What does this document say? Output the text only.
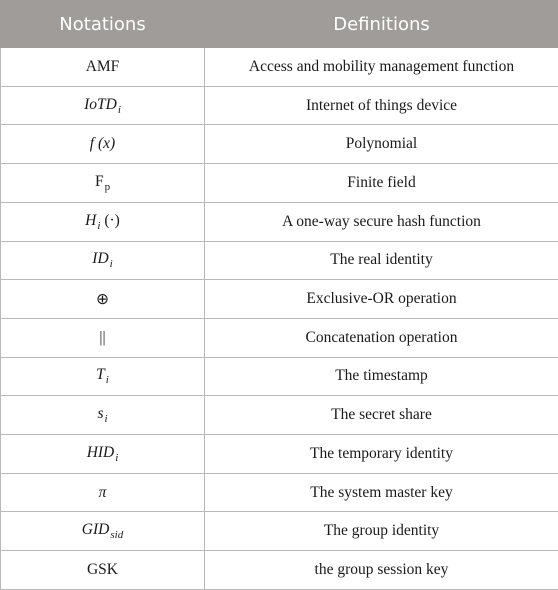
Notations	Definitions
AMF	Access and mobility management function
IoTD$_i$	Internet of things device
f (x)	Polynomial
$F_p$	Finite field
$H_i$ (·)	A one-way secure hash function
$ID_i$	The real identity
⊕	Exclusive-OR operation
||	Concatenation operation
$T_i$	The timestamp
$s_i$	The secret share
$HID_i$	The temporary identity
π	The system master key
$GID_{sid}$	The group identity
GSK	the group session key
